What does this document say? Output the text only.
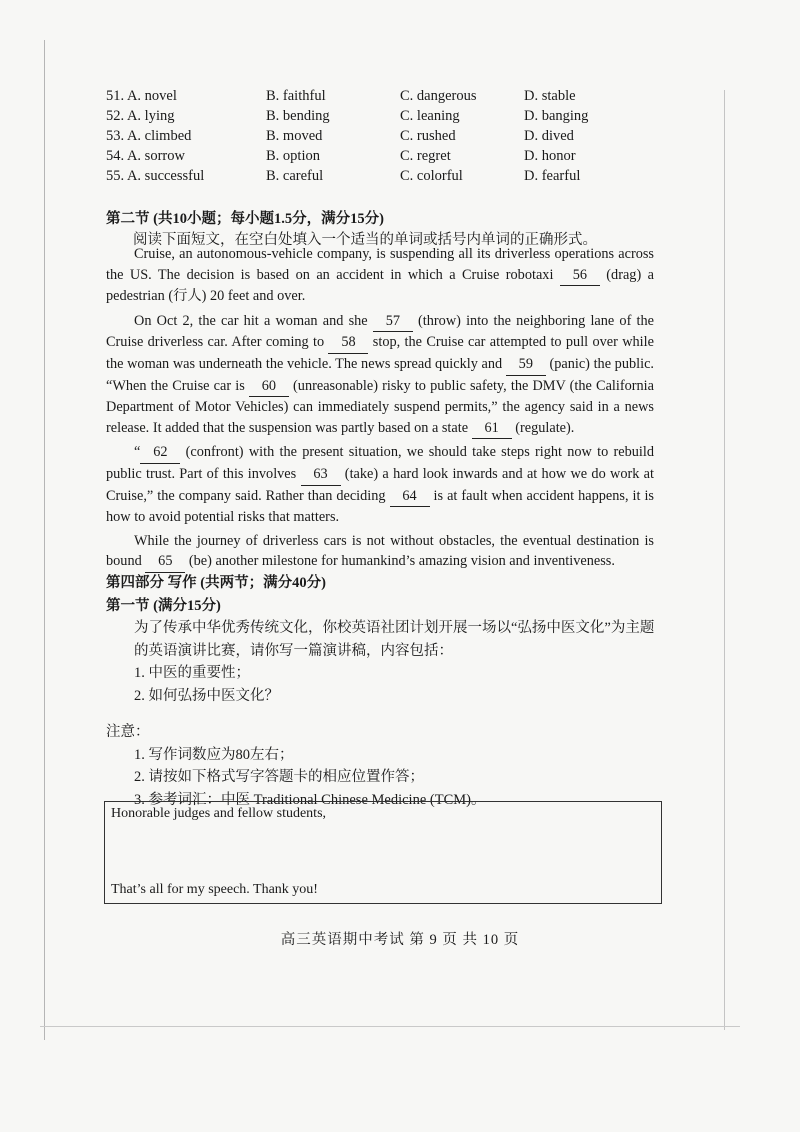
51. A. novel	B. faithful	C. dangerous	D. stable
52. A. lying	B. bending	C. leaning	D. banging
53. A. climbed	B. moved	C. rushed	D. dived
54. A. sorrow	B. option	C. regret	D. honor
55. A. successful	B. careful	C. colorful	D. fearful
第二节 (共10小题；每小题1.5分，满分15分)
阅读下面短文，在空白处填入一个适当的单词或括号内单词的正确形式。

Cruise, an autonomous-vehicle company, is suspending all its driverless operations across the US. The decision is based on an accident in which a Cruise robotaxi 56 (drag) a pedestrian (行人) 20 feet and over.

On Oct 2, the car hit a woman and she 57 (throw) into the neighboring lane of the Cruise driverless car. After coming to 58 stop, the Cruise car attempted to pull over while the woman was underneath the vehicle. The news spread quickly and 59 (panic) the public. “When the Cruise car is 60 (unreasonable) risky to public safety, the DMV (the California Department of Motor Vehicles) can immediately suspend permits,” the agency said in a news release. It added that the suspension was partly based on a state 61 (regulate).

“ 62 (confront) with the present situation, we should take steps right now to rebuild public trust. Part of this involves 63 (take) a hard look inwards and at how we do work at Cruise,” the company said. Rather than deciding 64 is at fault when accident happens, it is how to avoid potential risks that matters.

While the journey of driverless cars is not without obstacles, the eventual destination is bound 65 (be) another milestone for humankind’s amazing vision and inventiveness.

第四部分 写作 (共两节；满分40分)
第一节 (满分15分)
为了传承中华优秀传统文化，你校英语社团计划开展一场以“弘扬中医文化”为主题的英语演讲比赛，请你写一篇演讲稿，内容包括：
1. 中医的重要性；
2. 如何弘扬中医文化？
注意：
1. 写作词数应为80左右；
2. 请按如下格式写字答题卡的相应位置作答；
3. 参考词汇：中医 Traditional Chinese Medicine (TCM)。
Honorable judges and fellow students,
That’s all for my speech. Thank you!
高三英语期中考试 第 9 页 共 10 页
